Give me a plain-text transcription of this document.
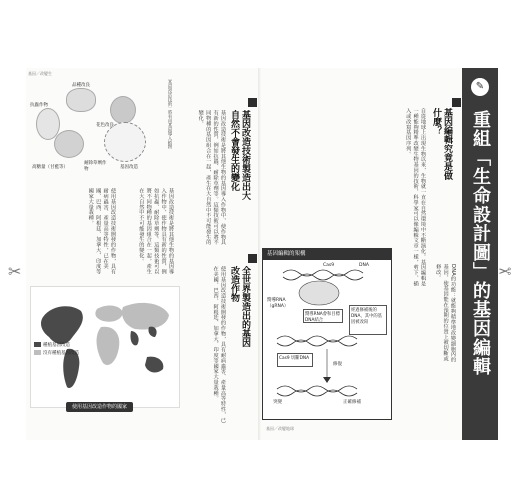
✂	✂
基因／改變生
〔基因改造技術〕將有用基因導入植物
品種改良
抗蟲作物
花色改良
耐除草劑作物
高糖量（甘藍等）	基因改造	基因改造技術製造出大自然不會發生的變化
基因改造技術是將其他生物的基因導入作物中，使作物具有新的性質，例如抗蟲、耐除草劑等。這類技術可以將不同物種的基因組合在一起，產生在大自然中不可能發生的變化。
基因改造技術是將其他生物的基因導入作物中，使作物具有新的性質，例如抗蟲、耐除草劑等。這類技術可以將不同物種的基因組合在一起，產生在大自然中不可能發生的變化。
使用基因改造技術開發的作物，具有耐病蟲害、產量高等特性，已在美國、巴西、阿根廷、加拿大、印度等國家大量栽種。
全世界製造出的基因改造作物
使用基因改造技術開發的作物，具有耐病蟲害、產量高等特性，已在美國、巴西、阿根廷、加拿大、印度等國家大量栽種。
種植基因改造
沒有種植基因改造
使用基因改造作物的國家
基因編輯究竟是做什麼？
自從地球上出現生物以來，生物就一直在自然環境中不斷演化。基因編輯是一種能夠精準改變生物基因的技術，科學家可以像編輯文章一樣，剪下、插入或改寫基因序列。
DNA的功能：就能夠精準地改變細胞內的基因，使基因能在預期的位置上被切斷或修改。
基因編輯的架構
Cas9	DNA
嚮導RNA
（gRNA）
嚮導RNA會和目標DNA結合
經過修補後的DNA，其中的基因被改寫
Cas9 切斷DNA
修復
突變	正確修補
基因／改變地球
✎
重組「生命設計圖」的基因編輯
